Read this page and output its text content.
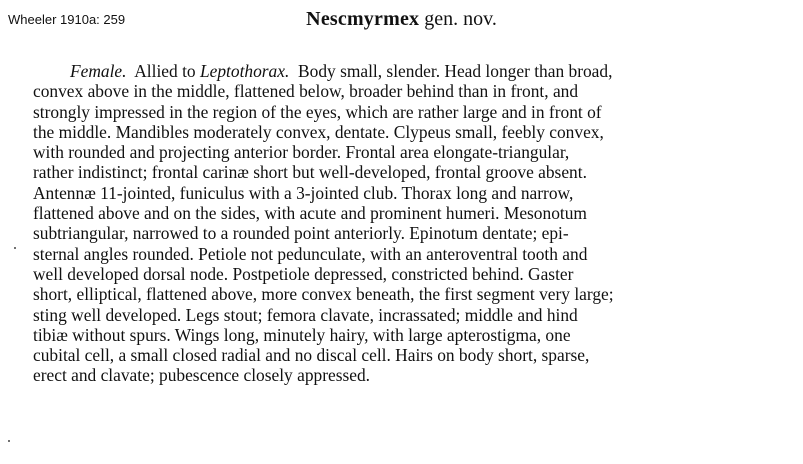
Wheeler 1910a: 259	Nescmyrmex gen. nov.
Female. Allied to Leptothorax. Body small, slender. Head longer than broad,
convex above in the middle, flattened below, broader behind than in front, and
strongly impressed in the region of the eyes, which are rather large and in front of
the middle. Mandibles moderately convex, dentate. Clypeus small, feebly convex,
with rounded and projecting anterior border. Frontal area elongate-triangular,
rather indistinct; frontal carinæ short but well-developed, frontal groove absent.
Antennæ 11-jointed, funiculus with a 3-jointed club. Thorax long and narrow,
flattened above and on the sides, with acute and prominent humeri. Mesonotum
subtriangular, narrowed to a rounded point anteriorly. Epinotum dentate; epi-
sternal angles rounded. Petiole not pedunculate, with an anteroventral tooth and
well developed dorsal node. Postpetiole depressed, constricted behind. Gaster
short, elliptical, flattened above, more convex beneath, the first segment very large;
sting well developed. Legs stout; femora clavate, incrassated; middle and hind
tibiæ without spurs. Wings long, minutely hairy, with large apterostigma, one
cubital cell, a small closed radial and no discal cell. Hairs on body short, sparse,
erect and clavate; pubescence closely appressed.
